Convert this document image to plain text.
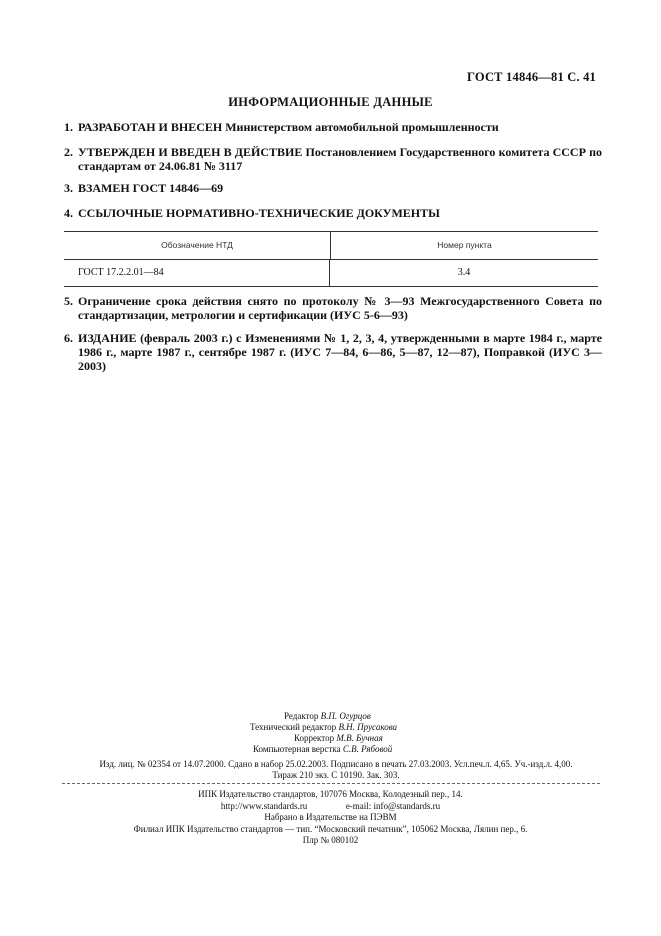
ГОСТ 14846—81 С. 41
ИНФОРМАЦИОННЫЕ ДАННЫЕ
1. РАЗРАБОТАН И ВНЕСЕН Министерством автомобильной промышленности
2. УТВЕРЖДЕН И ВВЕДЕН В ДЕЙСТВИЕ Постановлением Государственного комитета СССР по стандартам от 24.06.81 № 3117
3. ВЗАМЕН ГОСТ 14846—69
4. ССЫЛОЧНЫЕ НОРМАТИВНО-ТЕХНИЧЕСКИЕ ДОКУМЕНТЫ
Обозначение НТД	Номер пункта
ГОСТ 17.2.2.01—84	3.4
5. Ограничение срока действия снято по протоколу № 3—93 Межгосударственного Совета по стандартизации, метрологии и сертификации (ИУС 5-6—93)
6. ИЗДАНИЕ (февраль 2003 г.) с Изменениями № 1, 2, 3, 4, утвержденными в марте 1984 г., марте 1986 г., марте 1987 г., сентябре 1987 г. (ИУС 7—84, 6—86, 5—87, 12—87), Поправкой (ИУС 3—2003)
Редактор В.П. Огурцов
Технический редактор В.Н. Прусакова
Корректор М.В. Бучная
Компьютерная верстка С.В. Рябовой
Изд. лиц. № 02354 от 14.07.2000. Сдано в набор 25.02.2003. Подписано в печать 27.03.2003. Усл.печ.л. 4,65. Уч.-изд.л. 4,00.
Тираж 210 экз. С 10190. Зак. 303.
ИПК Издательство стандартов, 107076 Москва, Колодезный пер., 14.
http://www.standards.ru	e-mail: info@standards.ru
Набрано в Издательстве на ПЭВМ
Филиал ИПК Издательство стандартов — тип. “Московский печатник”, 105062 Москва, Лялин пер., 6.
Плр № 080102
